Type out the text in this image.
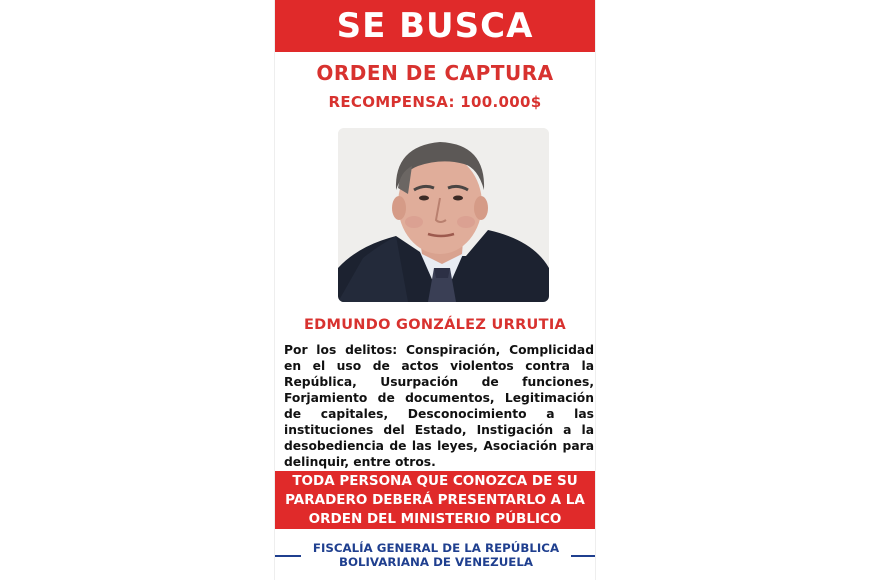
SE BUSCA
ORDEN DE CAPTURA
RECOMPENSA: 100.000$
EDMUNDO GONZÁLEZ URRUTIA
Por los delitos: Conspiración, Complicidad en el uso de actos violentos contra la República, Usurpación de funciones, Forjamiento de documentos, Legitimación de capitales, Desconocimiento a las instituciones del Estado, Instigación a la desobediencia de las leyes, Asociación para delinquir, entre otros.
TODA PERSONA QUE CONOZCA DE SU PARADERO DEBERÁ PRESENTARLO A LA ORDEN DEL MINISTERIO PÚBLICO
FISCALÍA GENERAL DE LA REPÚBLICA
BOLIVARIANA DE VENEZUELA
